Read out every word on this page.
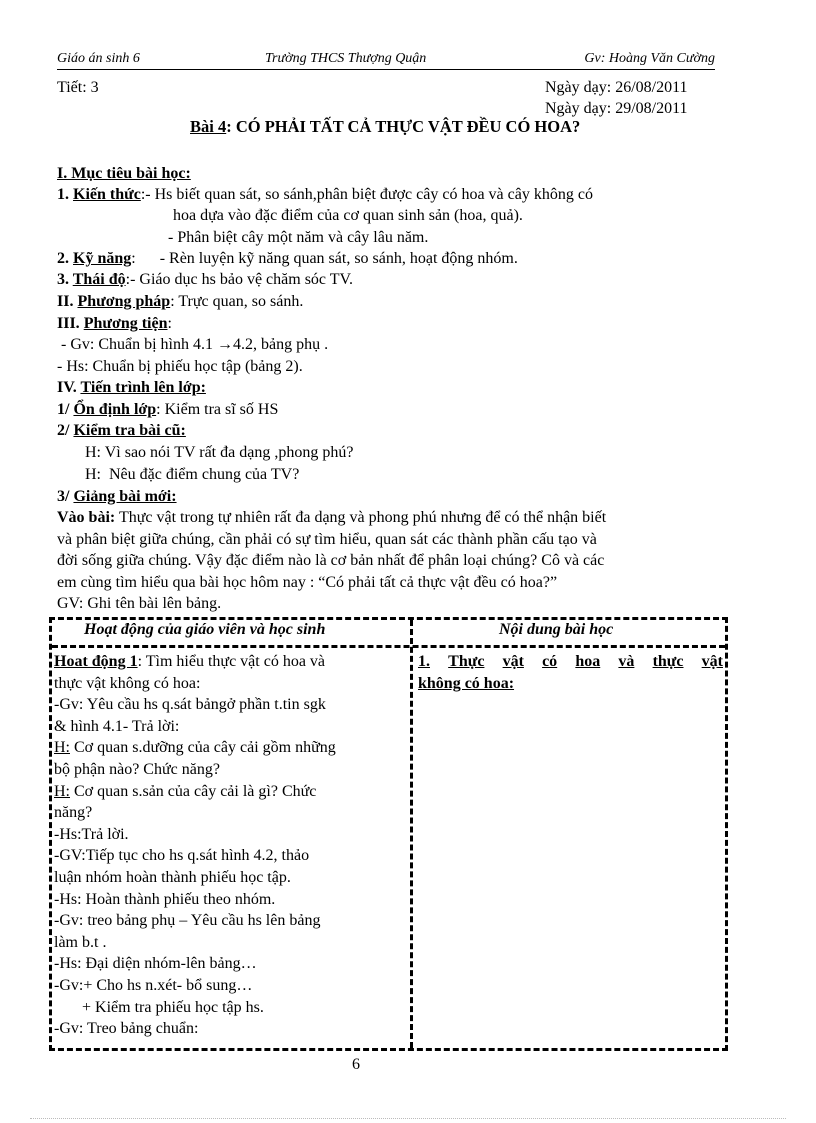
Giáo án sinh 6	Trường THCS Thượng Quận	Gv: Hoàng Văn Cường
Tiết: 3	Ngày dạy: 26/08/2011
Ngày dạy: 29/08/2011
Bài 4: CÓ PHẢI TẤT CẢ THỰC VẬT ĐỀU CÓ HOA?
I. Mục tiêu bài học:
1. Kiến thức:- Hs biết quan sát, so sánh,phân biệt được cây có hoa và cây không có
hoa dựa vào đặc điểm của cơ quan sinh sản (hoa, quả).
- Phân biệt cây một năm và cây lâu năm.
2. Kỹ năng:      - Rèn luyện kỹ năng quan sát, so sánh, hoạt động nhóm.
3. Thái độ:- Giáo dục hs bảo vệ chăm sóc TV.
II. Phương pháp: Trực quan, so sánh.
III. Phương tiện:
- Gv: Chuẩn bị hình 4.1 →4.2, bảng phụ .
- Hs: Chuẩn bị phiếu học tập (bảng 2).
IV. Tiến trình lên lớp:
1/ Ổn định lớp: Kiểm tra sĩ số HS
2/ Kiểm tra bài cũ:
H: Vì sao nói TV rất đa dạng ,phong phú?
H:  Nêu đặc điểm chung của TV?
3/ Giảng bài mới:
Vào bài: Thực vật trong tự nhiên rất đa dạng và phong phú nhưng để có thể nhận biết
và phân biệt giữa chúng, cần phải có sự tìm hiểu, quan sát các thành phần cấu tạo và
đời sống giữa chúng. Vậy đặc điểm nào là cơ bản nhất để phân loại chúng? Cô và các
em cùng tìm hiểu qua bài học hôm nay : “Có phải tất cả thực vật đều có hoa?”
GV: Ghi tên bài lên bảng.
Hoạt động của giáo viên và học sinh	Nội dung bài học
Hoat động 1: Tìm hiểu thực vật có hoa và
thực vật không có hoa:
-Gv: Yêu cầu hs q.sát bảngở phần t.tin sgk
& hình 4.1- Trả lời:
H: Cơ quan s.dưỡng của cây cải gồm những
bộ phận nào? Chức năng?
H: Cơ quan s.sản của cây cải là gì? Chức
năng?
-Hs:Trả lời.
-GV:Tiếp tục cho hs q.sát hình 4.2, thảo
luận nhóm hoàn thành phiếu học tập.
-Hs: Hoàn thành phiếu theo nhóm.
-Gv: treo bảng phụ – Yêu cầu hs lên bảng
làm b.t .
-Hs: Đại diện nhóm-lên bảng…
-Gv:+ Cho hs n.xét- bổ sung…
+ Kiểm tra phiếu học tập hs.
-Gv: Treo bảng chuẩn:
1. Thực vật có hoa và thực vật
không có hoa:
6
